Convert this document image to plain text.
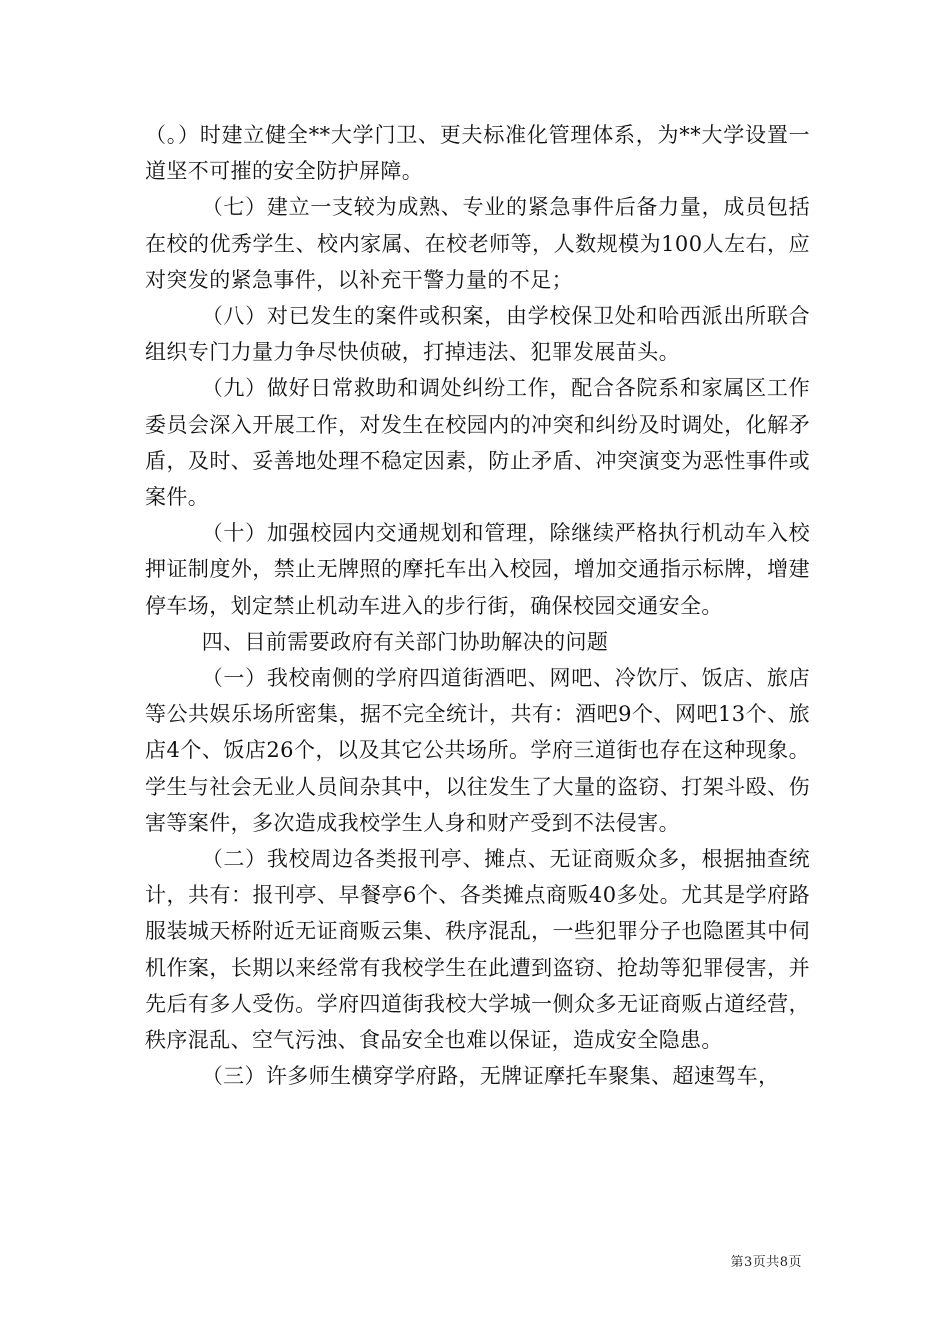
（。）时建立健全**大学门卫、更夫标准化管理体系，为**大学设置一道坚不可摧的安全防护屏障。

（七）建立一支较为成熟、专业的紧急事件后备力量，成员包括在校的优秀学生、校内家属、在校老师等，人数规模为100人左右，应对突发的紧急事件，以补充干警力量的不足；

（八）对已发生的案件或积案，由学校保卫处和哈西派出所联合组织专门力量力争尽快侦破，打掉违法、犯罪发展苗头。

（九）做好日常救助和调处纠纷工作，配合各院系和家属区工作委员会深入开展工作，对发生在校园内的冲突和纠纷及时调处，化解矛盾，及时、妥善地处理不稳定因素，防止矛盾、冲突演变为恶性事件或案件。

（十）加强校园内交通规划和管理，除继续严格执行机动车入校押证制度外，禁止无牌照的摩托车出入校园，增加交通指示标牌，增建停车场，划定禁止机动车进入的步行街，确保校园交通安全。

四、目前需要政府有关部门协助解决的问题

（一）我校南侧的学府四道街酒吧、网吧、冷饮厅、饭店、旅店等公共娱乐场所密集，据不完全统计，共有：酒吧9个、网吧13个、旅店4个、饭店26个，以及其它公共场所。学府三道街也存在这种现象。学生与社会无业人员间杂其中，以往发生了大量的盗窃、打架斗殴、伤害等案件，多次造成我校学生人身和财产受到不法侵害。

（二）我校周边各类报刊亭、摊点、无证商贩众多，根据抽查统计，共有：报刊亭、早餐亭6个、各类摊点商贩40多处。尤其是学府路服装城天桥附近无证商贩云集、秩序混乱，一些犯罪分子也隐匿其中伺机作案，长期以来经常有我校学生在此遭到盗窃、抢劫等犯罪侵害，并先后有多人受伤。学府四道街我校大学城一侧众多无证商贩占道经营，秩序混乱、空气污浊、食品安全也难以保证，造成安全隐患。

（三）许多师生横穿学府路，无牌证摩托车聚集、超速驾车，

第3页共8页
